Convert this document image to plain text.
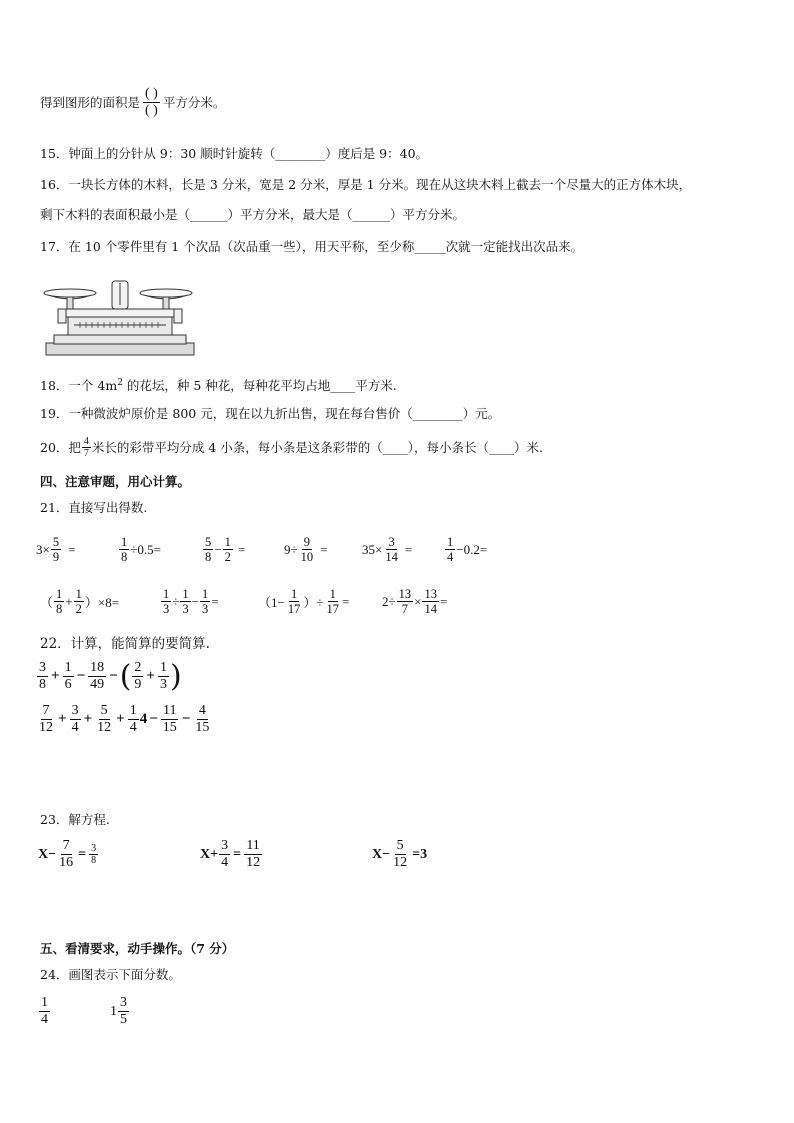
得到图形的面积是 $\frac{( )}{( )}$ 平方分米。
15．钟面上的分针从 9：30 顺时针旋转（________）度后是 9：40。
16．一块长方体的木料，长是 3 分米，宽是 2 分米，厚是 1 分米。现在从这块木料上截去一个尽量大的正方体木块，
剩下木料的表面积最小是（______）平方分米，最大是（______）平方分米。
17．在 10 个零件里有 1 个次品（次品重一些），用天平称，至少称_____次就一定能找出次品来。
18．一个 $4m^2$ 的花坛，种 5 种花，每种花平均占地____平方米.
19．一种微波炉原价是 800 元，现在以九折出售，现在每台售价（________）元。
20．把 $\frac{4}{7}$ 米长的彩带平均分成 4 小条，每小条是这条彩带的（____），每小条长（____）米.
四、注意审题，用心计算。
21．直接写出得数.
$3\times \frac{5}{9}$ =	$\frac{1}{8} \div 0.5=$	$\frac{5}{8} - \frac{1}{2}$ =	$9\div \frac{9}{10}$ =	$35\times \frac{3}{14}$ =	$\frac{1}{4} -0.2=$
（ $\frac{1}{8} + \frac{1}{2} )\times 8=$	$\frac{1}{3} \div \frac{1}{3} - \frac{1}{3}$ =	（$1- \frac{1}{17}$ ）÷ $\frac{1}{17}$ =	$2\div \frac{13}{7} \times \frac{13}{14}$ =
22．计算，能简算的要简算.
$\frac{3}{8} + \frac{1}{6} - \frac{18}{49}$ − ( $\frac{2}{9} + \frac{1}{3}$ )
$\frac{7}{12} + \frac{3}{4} + \frac{5}{12} + \frac{1}{4} 4 - \frac{11}{15} - \frac{4}{15}$
23．解方程.
$X- \frac{7}{16} = \frac{3}{8}$	$X+ \frac{3}{4} = \frac{11}{12}$	$X- \frac{5}{12} =3$
五、看清要求，动手操作。（7 分）
24．画图表示下面分数。
$\frac{1}{4}$	$1 \frac{3}{5}$
